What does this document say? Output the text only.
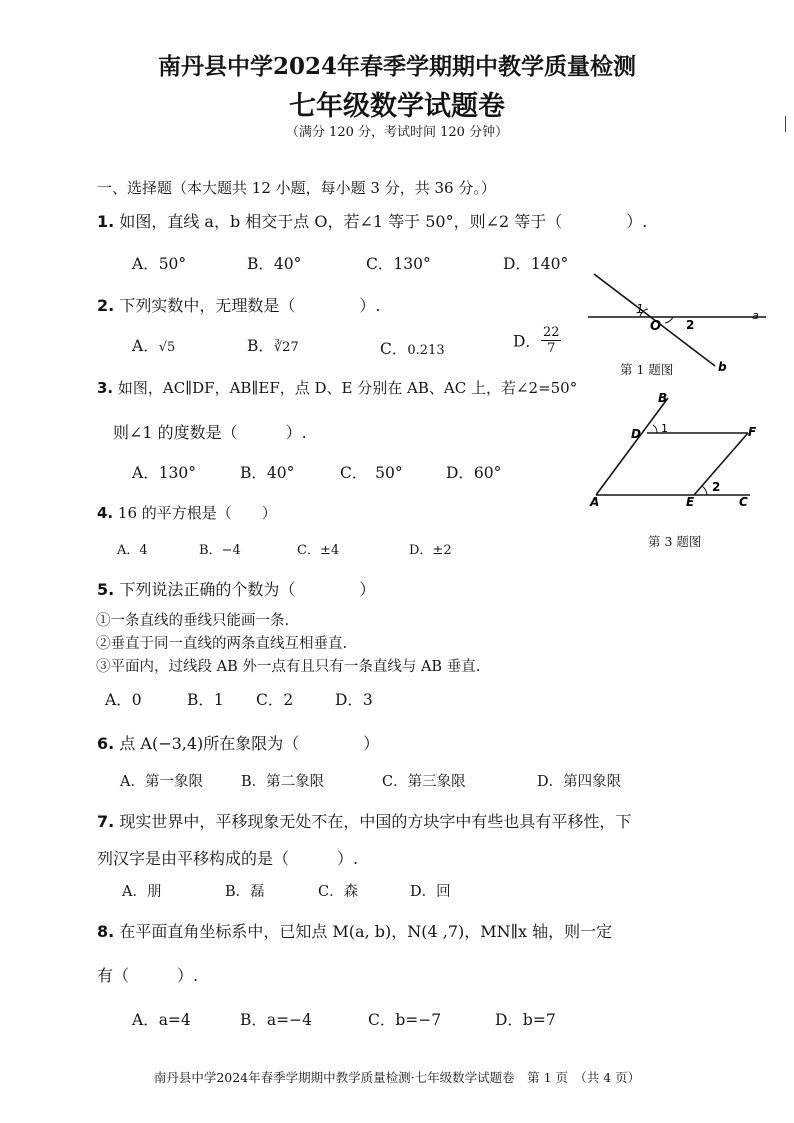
南丹县中学2024年春季学期期中教学质量检测
七年级数学试题卷
（满分 120 分，考试时间 120 分钟）
一、选择题（本大题共 12 小题，每小题 3 分，共 36 分。）
1. 如图，直线 a，b 相交于点 O，若∠1 等于 50°，则∠2 等于（　　　　）.
A．50°	B．40°	C．130°	D．140°
2. 下列实数中，无理数是（　　　　）.
A．√5	B．∛27	C．0.213	D． $\frac{22}{7}$
3. 如图，AC∥DF，AB∥EF，点 D、E 分别在 AB、AC 上，若∠2=50°
则∠1 的度数是（　　　）.
A．130°	B．40°	C．　50°	D．60°
4. 16 的平方根是（　　）
A．4	B．−4	C．±4	D．±2
5. 下列说法正确的个数为（　　　　）
①一条直线的垂线只能画一条.
②垂直于同一直线的两条直线互相垂直.
③平面内，过线段 AB 外一点有且只有一条直线与 AB 垂直.
A．0	B．1 C．2	D．3
6. 点 A(−3,4)所在象限为（　　　　）
A．第一象限	B．第二象限	C．第三象限	D．第四象限
7. 现实世界中，平移现象无处不在，中国的方块字中有些也具有平移性，下
列汉字是由平移构成的是（　　　）.
A．朋	B．磊	C．森	D．回
8. 在平面直角坐标系中，已知点 M(a, b)，N(4 ,7)，MN∥x 轴，则一定
有（　　　）.
A．a=4	B．a=−4	C．b=−7	D．b=7
1
O 2
a
b
第 1 题图
B
D 1	F
A	E
2
C
第 3 题图
南丹县中学2024年春季学期期中教学质量检测·七年级数学试题卷　第 1 页　（共 4 页）
